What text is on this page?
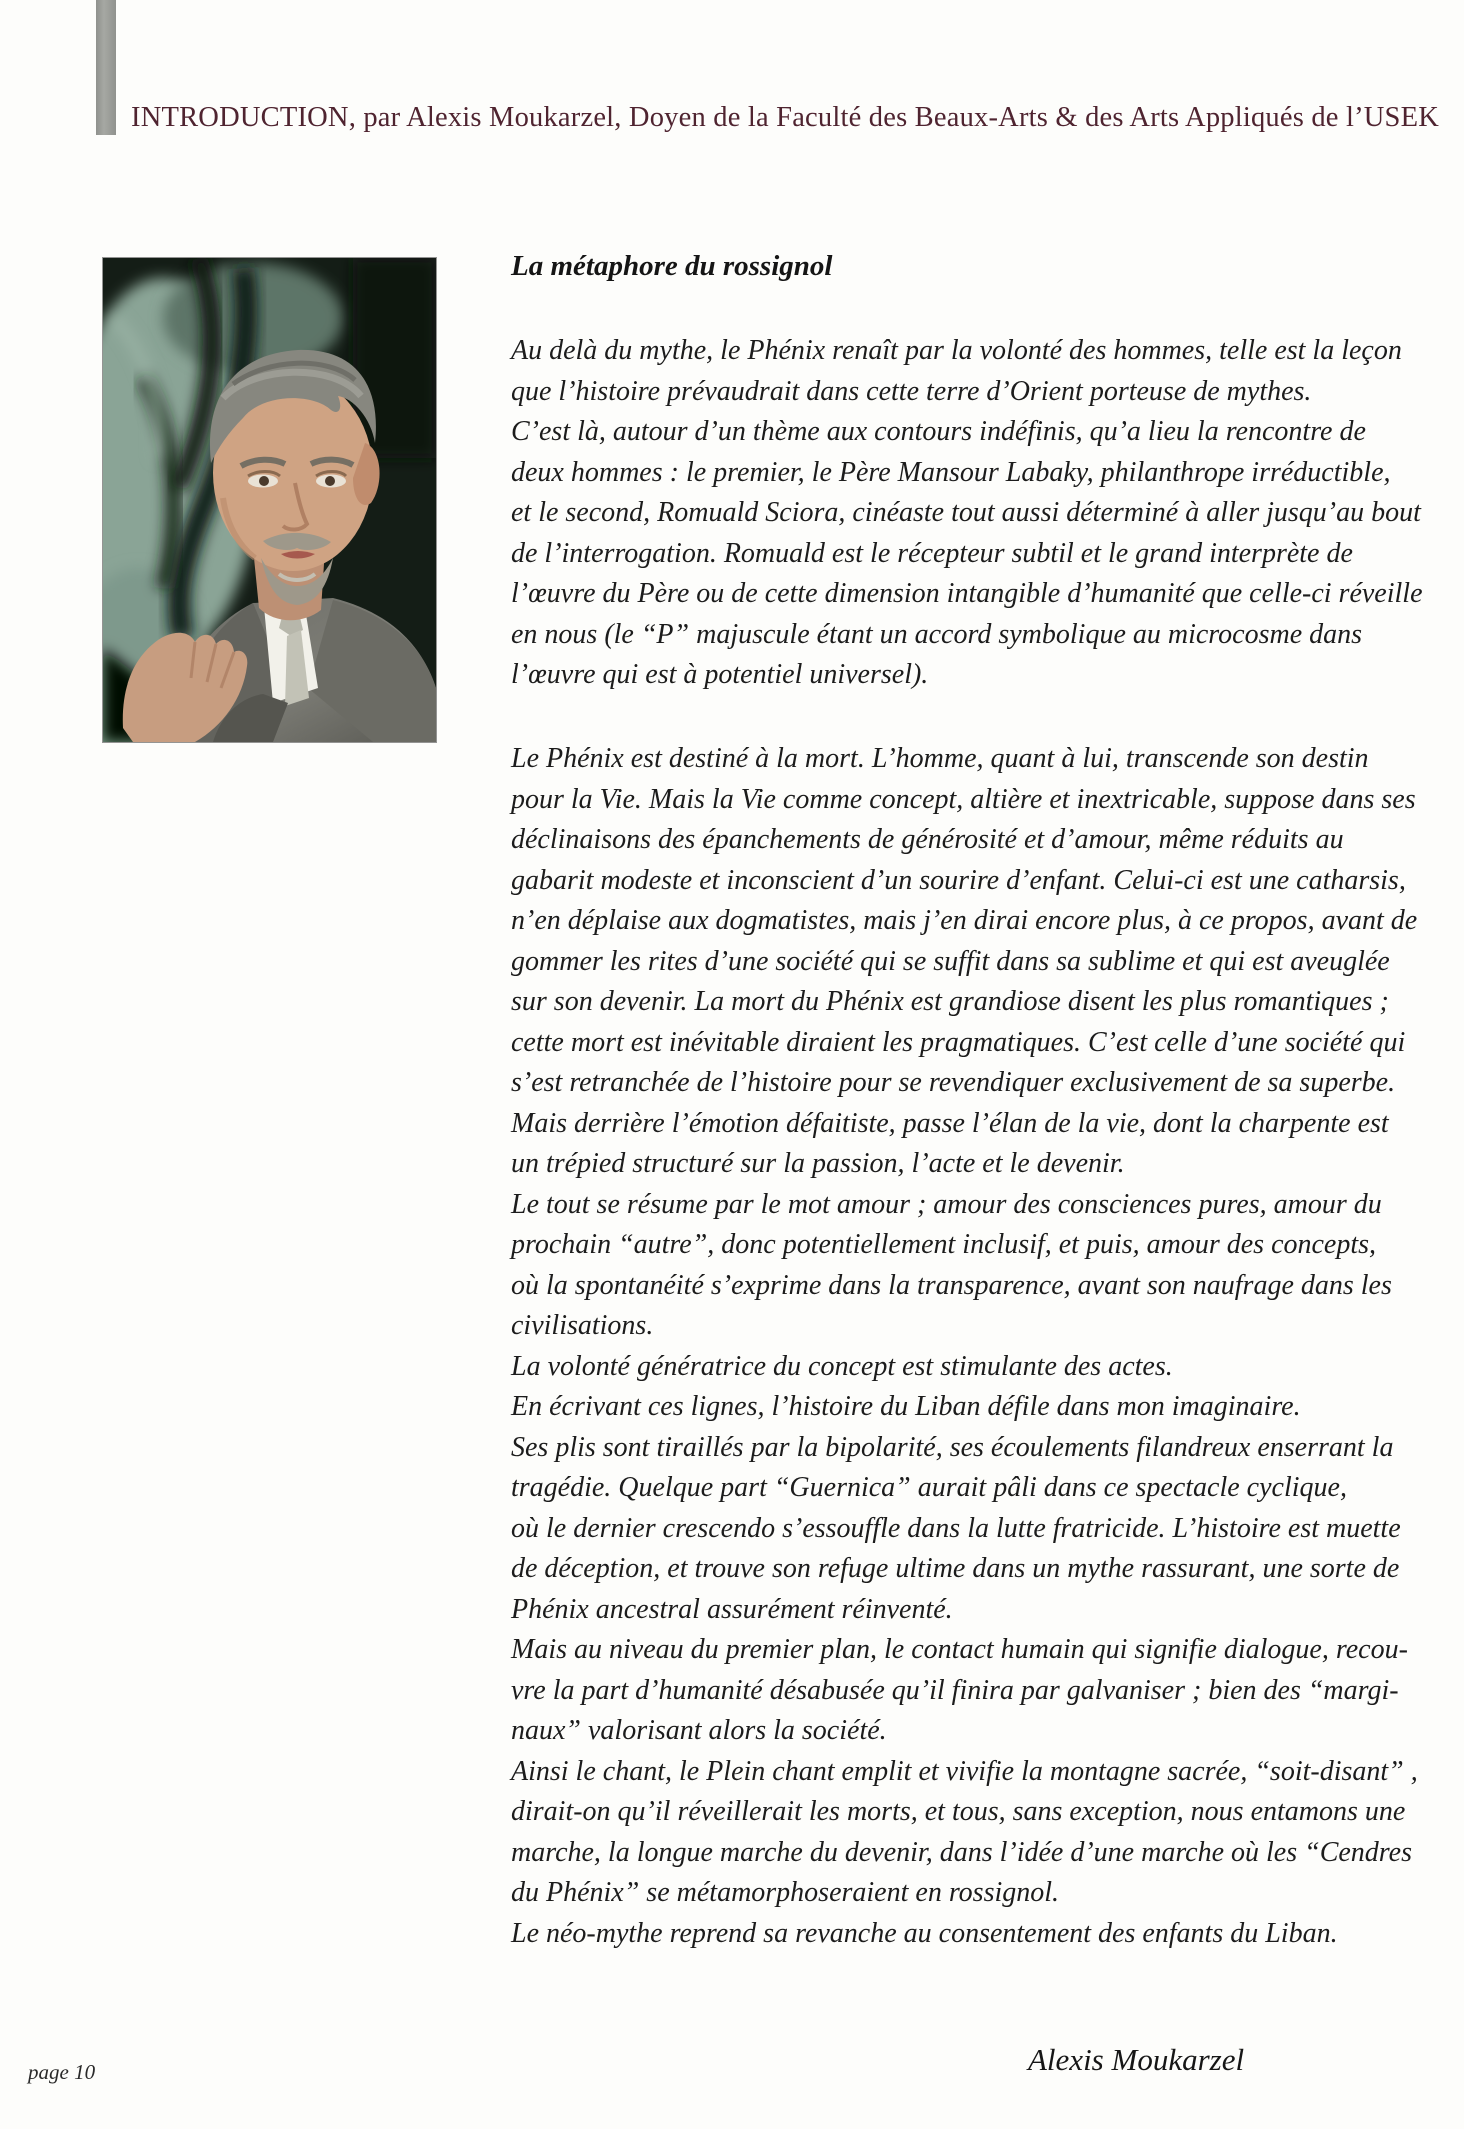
INTRODUCTION, par Alexis Moukarzel, Doyen de la Faculté des Beaux-Arts & des Arts Appliqués de l’USEK
La métaphore du rossignol
Au delà du mythe, le Phénix renaît par la volonté des hommes, telle est la leçon
que l’histoire prévaudrait dans cette terre d’Orient porteuse de mythes.
C’est là, autour d’un thème aux contours indéfinis, qu’a lieu la rencontre de
deux hommes : le premier, le Père Mansour Labaky, philanthrope irréductible,
et le second, Romuald Sciora, cinéaste tout aussi déterminé à aller jusqu’au bout
de l’interrogation. Romuald est le récepteur subtil et le grand interprète de
l’œuvre du Père ou de cette dimension intangible d’humanité que celle-ci réveille
en nous (le “P” majuscule étant un accord symbolique au microcosme dans
l’œuvre qui est à potentiel universel).
Le Phénix est destiné à la mort. L’homme, quant à lui, transcende son destin
pour la Vie. Mais la Vie comme concept, altière et inextricable, suppose dans ses
déclinaisons des épanchements de générosité et d’amour, même réduits au
gabarit modeste et inconscient d’un sourire d’enfant. Celui-ci est une catharsis,
n’en déplaise aux dogmatistes, mais j’en dirai encore plus, à ce propos, avant de
gommer les rites d’une société qui se suffit dans sa sublime et qui est aveuglée
sur son devenir. La mort du Phénix est grandiose disent les plus romantiques ;
cette mort est inévitable diraient les pragmatiques. C’est celle d’une société qui
s’est retranchée de l’histoire pour se revendiquer exclusivement de sa superbe.
Mais derrière l’émotion défaitiste, passe l’élan de la vie, dont la charpente est
un trépied structuré sur la passion, l’acte et le devenir.
Le tout se résume par le mot amour ; amour des consciences pures, amour du
prochain “autre”, donc potentiellement inclusif, et puis, amour des concepts,
où la spontanéité s’exprime dans la transparence, avant son naufrage dans les
civilisations.
La volonté génératrice du concept est stimulante des actes.
En écrivant ces lignes, l’histoire du Liban défile dans mon imaginaire.
Ses plis sont tiraillés par la bipolarité, ses écoulements filandreux enserrant la
tragédie. Quelque part “Guernica” aurait pâli dans ce spectacle cyclique,
où le dernier crescendo s’essouffle dans la lutte fratricide. L’histoire est muette
de déception, et trouve son refuge ultime dans un mythe rassurant, une sorte de
Phénix ancestral assurément réinventé.
Mais au niveau du premier plan, le contact humain qui signifie dialogue, recou-
vre la part d’humanité désabusée qu’il finira par galvaniser ; bien des “margi-
naux” valorisant alors la société.
Ainsi le chant, le Plein chant emplit et vivifie la montagne sacrée, “soit-disant” ,
dirait-on qu’il réveillerait les morts, et tous, sans exception, nous entamons une
marche, la longue marche du devenir, dans l’idée d’une marche où les “Cendres
du Phénix” se métamorphoseraient en rossignol.
Le néo-mythe reprend sa revanche au consentement des enfants du Liban.
page 10	Alexis Moukarzel
